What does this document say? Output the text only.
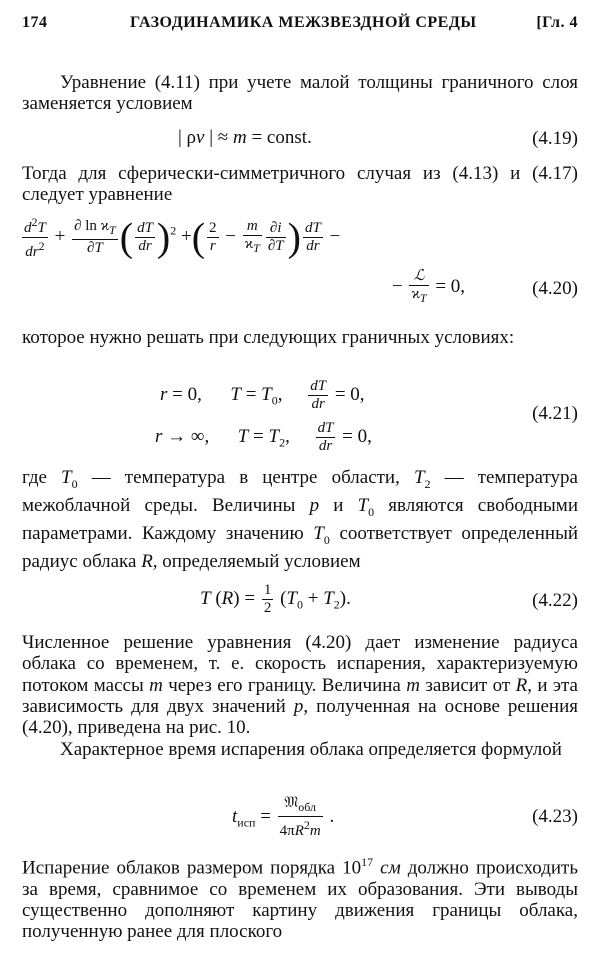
174	ГАЗОДИНАМИКА МЕЖЗВЕЗДНОЙ СРЕДЫ	[Гл. 4

Уравнение (4.11) при учете малой толщины граничного слоя заменяется условием

| ρv | ≈ m = const.	(4.19)

Тогда для сферически-симметричного случая из (4.13) и (4.17) следует уравнение

$\frac{d^2T}{dr^2} + \frac{\partial \ln ϰ_T}{\partial T}$ ( $\frac{dT}{dr} )^2$ +( $\frac{2}{r} - \frac{m}{ϰ_T} \frac{\partial i}{\partial T}$ ) $\frac{dT}{dr}$ −
− $\frac{\text{ℒ}}{ϰ_T} = 0$,	(4.20)

которое нужно решать при следующих граничных условиях:

r = 0,      $T = T_0$, $\frac{dT}{dr} = 0$,
r → ∞,      $T = T_2$, $\frac{dT}{dr} = 0$,
(4.21)

где $T_0$ — температура в центре области, $T_2$ — температура межоблачной среды. Величины p и $T_0$ являются свободными параметрами. Каждому значению $T_0$ соответствует определенный радиус облака R, определяемый условием

T $(R) = \frac{1}{2} (T_0 + T_2)$.	(4.22)

Численное решение уравнения (4.20) дает изменение радиуса облака со временем, т. е. скорость испарения, характеризуемую потоком массы m через его границу. Величина m зависит от R, и эта зависимость для двух значений p, полученная на основе решения (4.20), приведена на рис. 10.

Характерное время испарения облака определяется формулой

$t_{исп} = \frac{𝔐_{обл}}{4\pi R^2m}$ .	(4.23)

Испарение облаков размером порядка $10^{17}$ см должно происходить за время, сравнимое со временем их образования. Эти выводы существенно дополняют картину движения границы облака, полученную ранее для плоского
